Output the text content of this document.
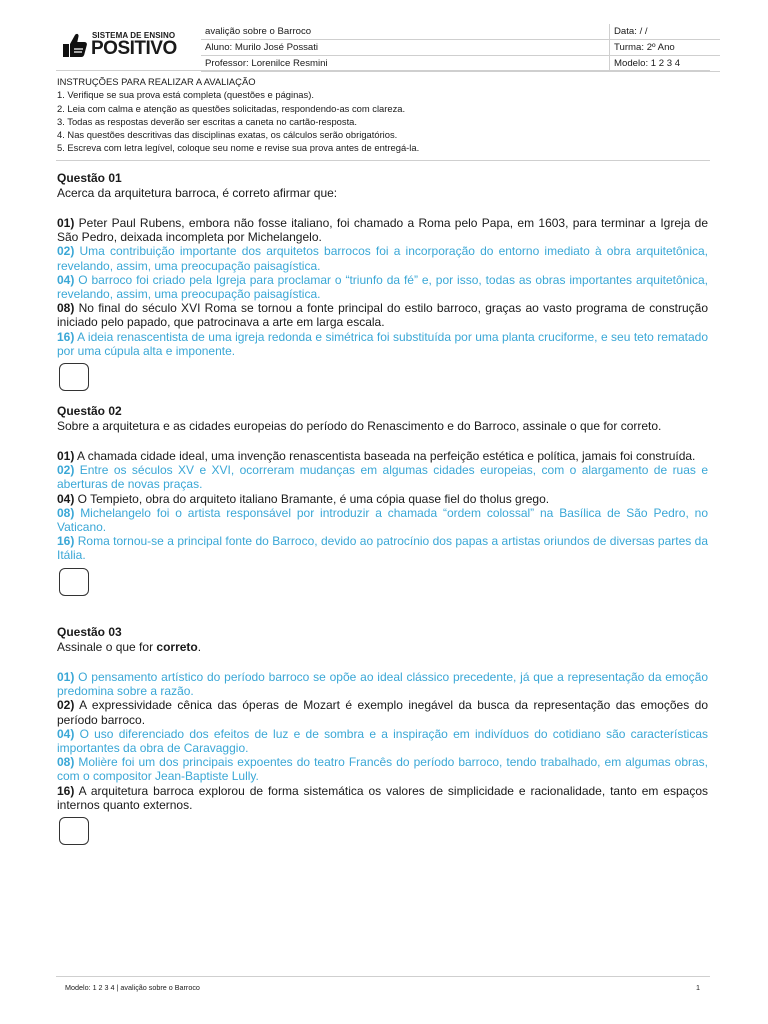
SISTEMA DE ENSINO
POSITIVO
avalição sobre o Barroco	Data: / /
Aluno: Murilo José Possati	Turma: 2º Ano
Professor: Lorenilce Resmini	Modelo: 1 2 3 4
INSTRUÇÕES PARA REALIZAR A AVALIAÇÃO
1. Verifique se sua prova está completa (questões e páginas).
2. Leia com calma e atenção as questões solicitadas, respondendo-as com clareza.
3. Todas as respostas deverão ser escritas a caneta no cartão-resposta.
4. Nas questões descritivas das disciplinas exatas, os cálculos serão obrigatórios.
5. Escreva com letra legível, coloque seu nome e revise sua prova antes de entregá-la.
Questão 01
Acerca da arquitetura barroca, é correto afirmar que:
01) Peter Paul Rubens, embora não fosse italiano, foi chamado a Roma pelo Papa, em 1603, para terminar a Igreja de São Pedro, deixada incompleta por Michelangelo.
02) Uma contribuição importante dos arquitetos barrocos foi a incorporação do entorno imediato à obra arquitetônica, revelando, assim, uma preocupação paisagística.
04) O barroco foi criado pela Igreja para proclamar o “triunfo da fé” e, por isso, todas as obras importantes arquitetônica, revelando, assim, uma preocupação paisagística.
08) No final do século XVI Roma se tornou a fonte principal do estilo barroco, graças ao vasto programa de construção iniciado pelo papado, que patrocinava a arte em larga escala.
16) A ideia renascentista de uma igreja redonda e simétrica foi substituída por uma planta cruciforme, e seu teto rematado por uma cúpula alta e imponente.
Questão 02
Sobre a arquitetura e as cidades europeias do período do Renascimento e do Barroco, assinale o que for correto.
01) A chamada cidade ideal, uma invenção renascentista baseada na perfeição estética e política, jamais foi construída.
02) Entre os séculos XV e XVI, ocorreram mudanças em algumas cidades europeias, com o alargamento de ruas e aberturas de novas praças.
04) O Tempieto, obra do arquiteto italiano Bramante, é uma cópia quase fiel do tholus grego.
08) Michelangelo foi o artista responsável por introduzir a chamada “ordem colossal” na Basílica de São Pedro, no Vaticano.
16) Roma tornou-se a principal fonte do Barroco, devido ao patrocínio dos papas a artistas oriundos de diversas partes da Itália.
Questão 03
Assinale o que for correto.
01) O pensamento artístico do período barroco se opõe ao ideal clássico precedente, já que a representação da emoção predomina sobre a razão.
02) A expressividade cênica das óperas de Mozart é exemplo inegável da busca da representação das emoções do período barroco.
04) O uso diferenciado dos efeitos de luz e de sombra e a inspiração em indivíduos do cotidiano são características importantes da obra de Caravaggio.
08) Molière foi um dos principais expoentes do teatro Francês do período barroco, tendo trabalhado, em algumas obras, com o compositor Jean-Baptiste Lully.
16) A arquitetura barroca explorou de forma sistemática os valores de simplicidade e racionalidade, tanto em espaços internos quanto externos.
Modelo: 1 2 3 4 | avalição sobre o Barroco	1
